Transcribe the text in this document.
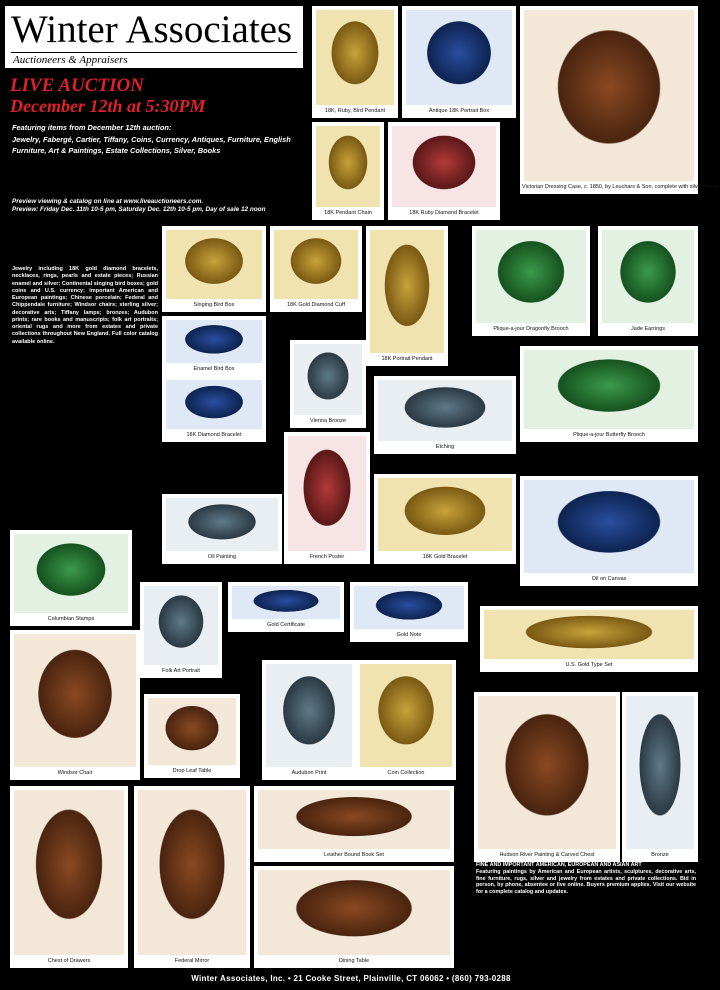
Winter Associates
Auctioneers & Appraisers
LIVE AUCTION
December 12th at 5:30PM
Featuring items from December 12th auction:
Jewelry, Fabergé, Cartier, Tiffany, Coins, Currency, Antiques, Furniture, English Furniture, Art & Paintings, Estate Collections, Silver, Books
Preview viewing & catalog on line at www.liveauctioneers.com.
Preview: Friday Dec. 11th 10-5 pm, Saturday Dec. 12th 10-5 pm, Day of sale 12 noon
Jewelry including 18K gold diamond bracelets, necklaces, rings, pearls and estate pieces; Russian enamel and silver; Continental singing bird boxes; gold coins and U.S. currency; important American and European paintings; Chinese porcelain; Federal and Chippendale furniture; Windsor chairs; sterling silver; decorative arts; Tiffany lamps; bronzes; Audubon prints; rare books and manuscripts; folk art portraits; oriental rugs and more from estates and private collections throughout New England. Full color catalog available online.
18K, Ruby, Bird Pendant	Antique 18K Portrait Box
Victorian Dressing Case, c. 1850, by Leuchars & Son, complete with silver fittings
18K Pendant Chain	18K Ruby Diamond Bracelet
Singing Bird Box	18K Gold Diamond Cuff
18K Portrait Pendant
Plique-a-jour Dragonfly Brooch	Jade Earrings
Enamel Bird Box
Vienna Bronze
Plique-a-jour Butterfly Brooch
18K Diamond Bracelet
Etching
French Poster
Oil Painting	18K Gold Bracelet
Oil on Canvas
Columbian Stamps
Folk Art Portrait
Gold Certificate
Gold Note
U.S. Gold Type Set
Windsor Chair	Drop Leaf Table	Audubon Print	Coin Collection
Hudson River Painting & Carved Chest	Bronze
Chest of Drawers	Federal Mirror
Leather Bound Book Set
Dining Table
FINE AND IMPORTANT AMERICAN, EUROPEAN AND ASIAN ART
Featuring paintings by American and European artists, sculptures, decorative arts, fine furniture, rugs, silver and jewelry from estates and private collections. Bid in person, by phone, absentee or live online. Buyers premium applies. Visit our website for a complete catalog and updates.
Winter Associates, Inc. • 21 Cooke Street, Plainville, CT 06062 • (860) 793-0288
